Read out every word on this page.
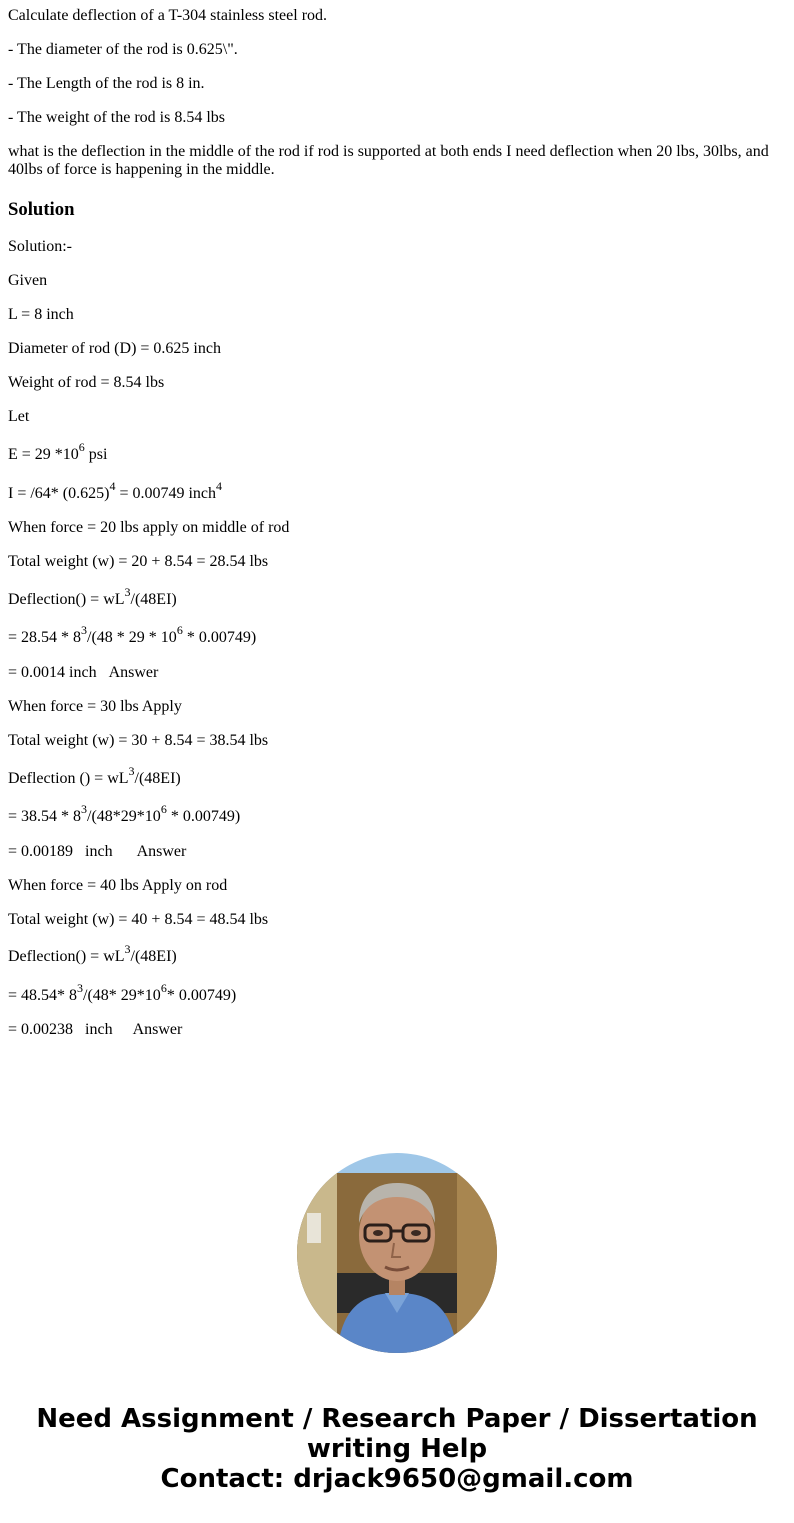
Calculate deflection of a T-304 stainless steel rod.
- The diameter of the rod is 0.625\".
- The Length of the rod is 8 in.
- The weight of the rod is 8.54 lbs
what is the deflection in the middle of the rod if rod is supported at both ends I need deflection when 20 lbs, 30lbs, and 40lbs of force is happening in the middle.
Solution
Solution:-
Given
L = 8 inch
Diameter of rod (D) = 0.625 inch
Weight of rod = 8.54 lbs
Let
E = 29 $*10^6$ psi
I = /64* $(0.625)^4 = 0.00749$ inch$^4$
When force = 20 lbs apply on middle of rod
Total weight (w) = 20 + 8.54 = 28.54 lbs
Deflection() = $wL^3/(48EI)$
= $28.54 * 8^3/(48 * 29 * 10^6 * 0.00749)$
= 0.0014 inch Answer
When force = 30 lbs Apply
Total weight (w) = 30 + 8.54 = 38.54 lbs
Deflection () = $wL^3/(48EI)$
= $38.54 * 8^3/(48*29*10^6 * 0.00749)$
= 0.00189 inch Answer
When force = 40 lbs Apply on rod
Total weight (w) = 40 + 8.54 = 48.54 lbs
Deflection() = $wL^3/(48EI)$
= 48.54* $8^3/(48*$ $29*10^6*$ 0.00749)
= 0.00238 inch Answer
Need Assignment / Research Paper / Dissertation
writing Help
Contact: drjack9650@gmail.com
